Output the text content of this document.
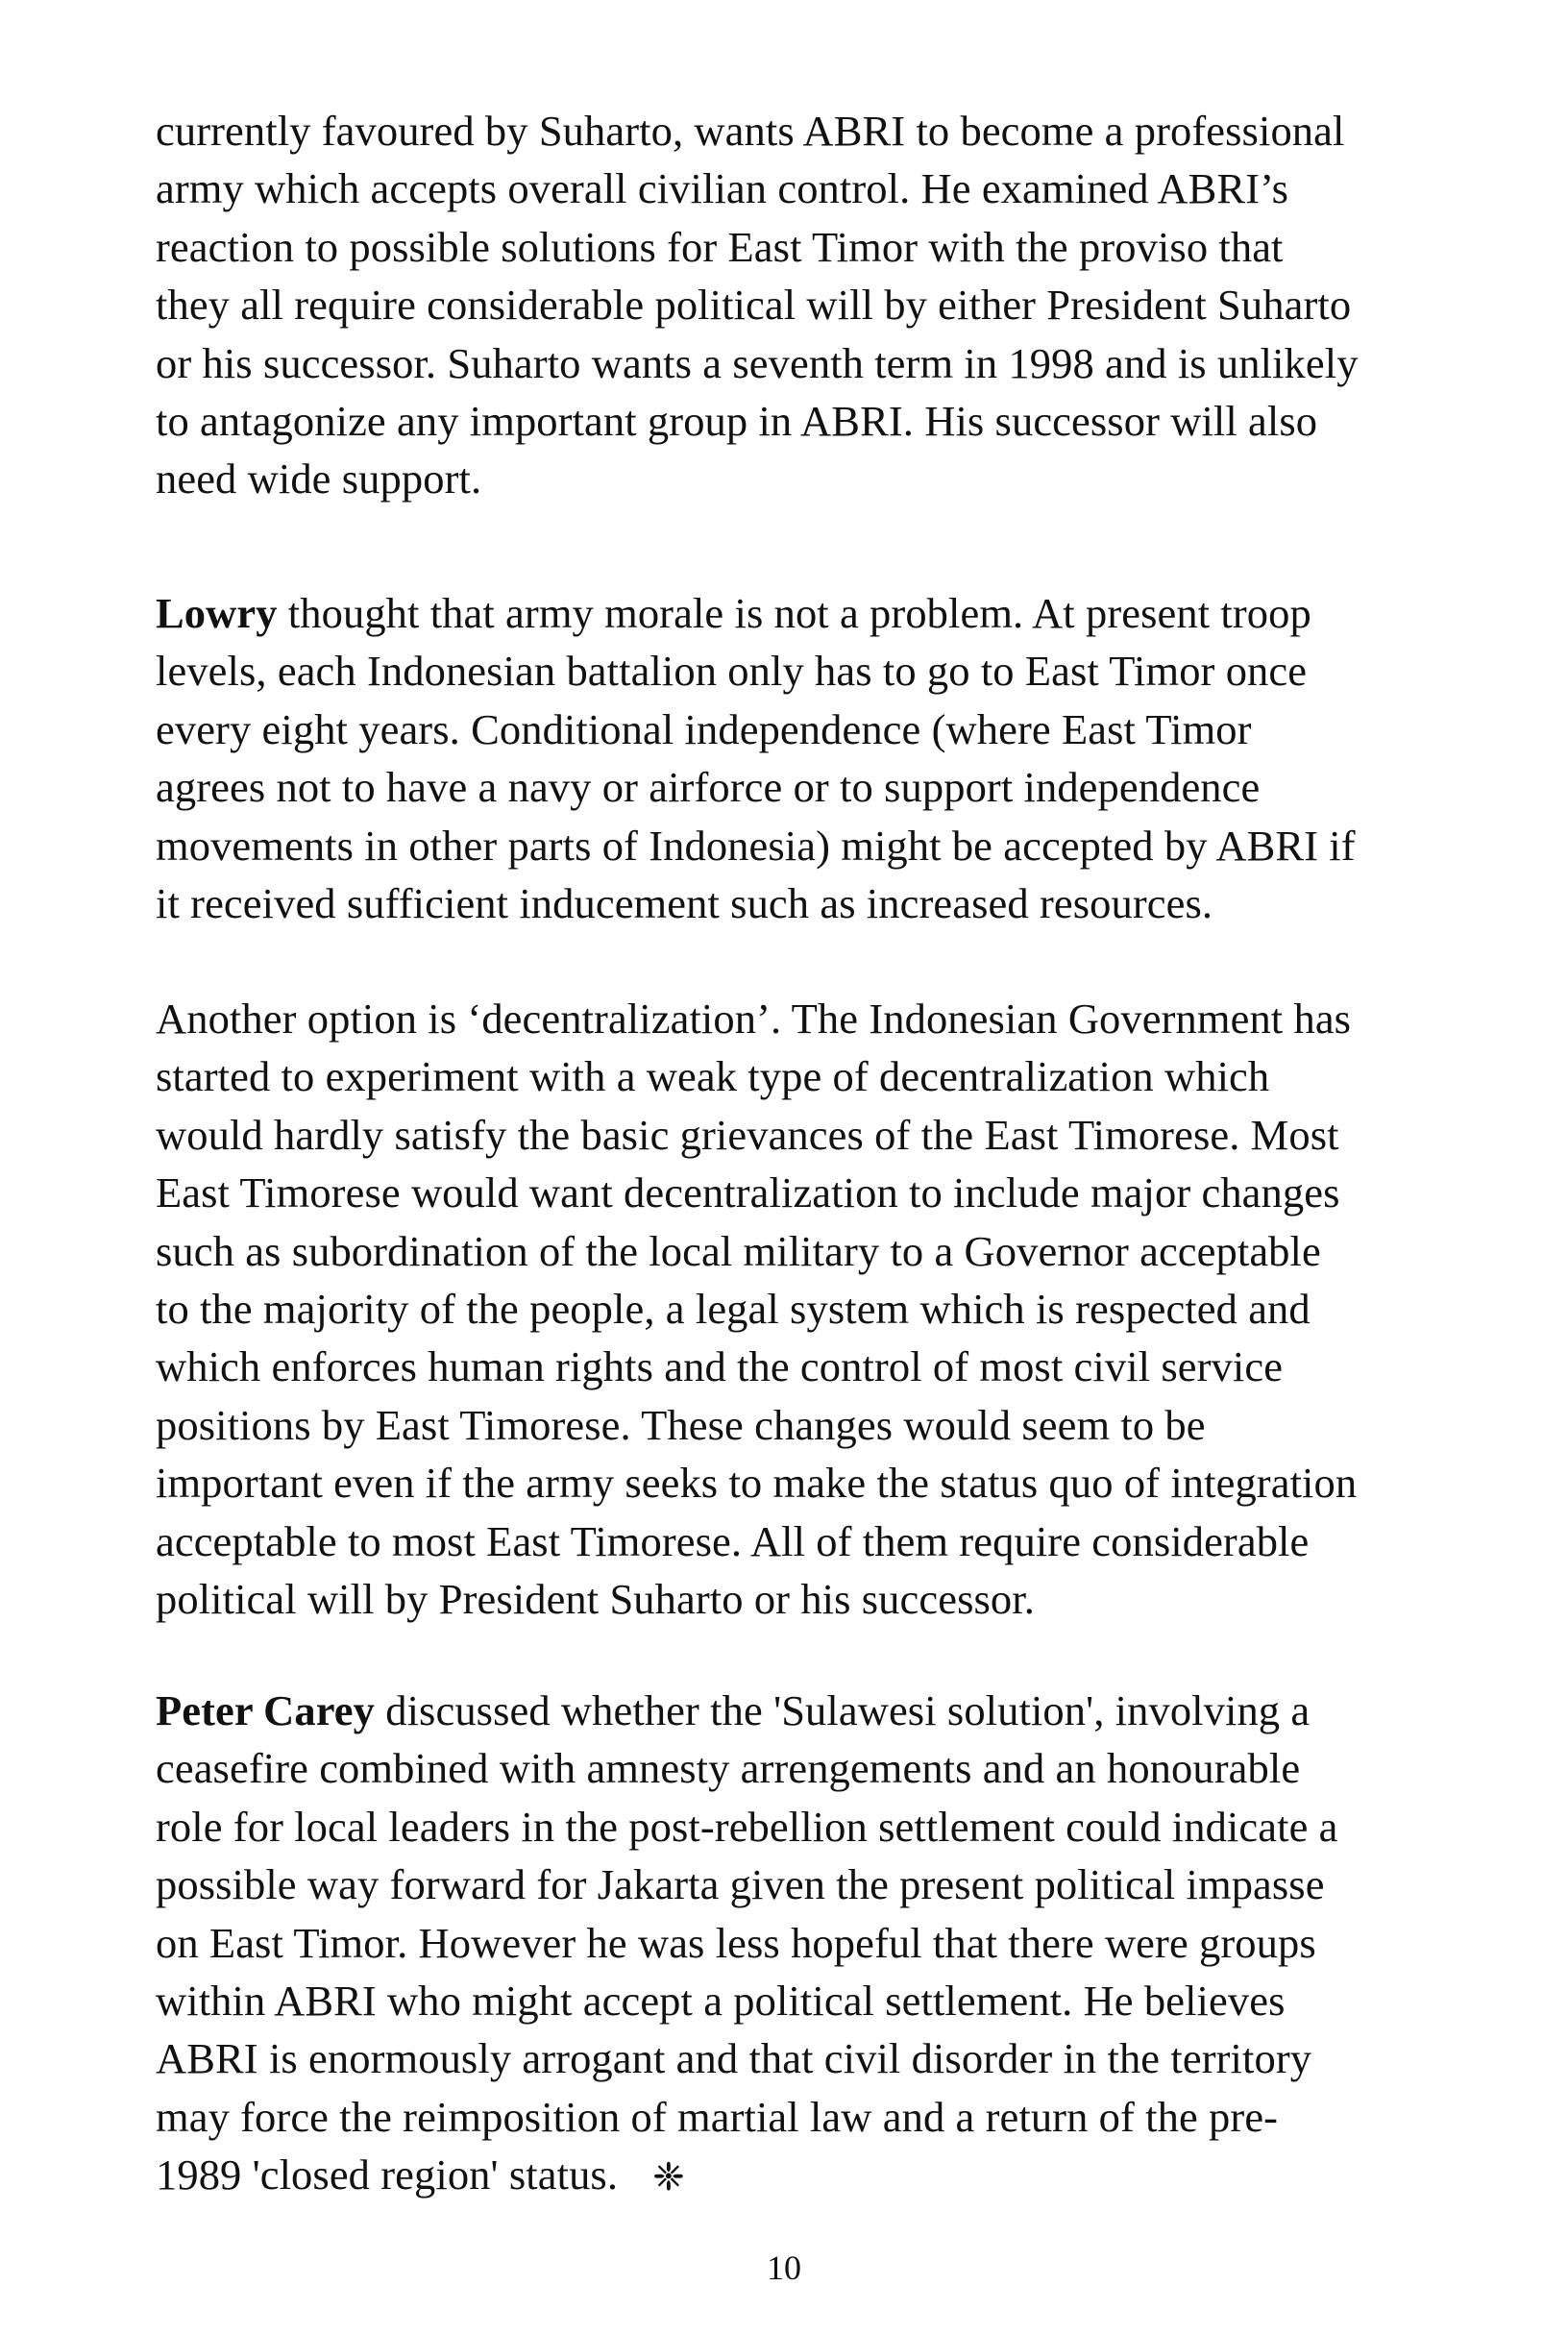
currently favoured by Suharto, wants ABRI to become a professional
army which accepts overall civilian control. He examined ABRI’s
reaction to possible solutions for East Timor with the proviso that
they all require considerable political will by either President Suharto
or his successor. Suharto wants a seventh term in 1998 and is unlikely
to antagonize any important group in ABRI. His successor will also
need wide support.

Lowry thought that army morale is not a problem. At present troop
levels, each Indonesian battalion only has to go to East Timor once
every eight years. Conditional independence (where East Timor
agrees not to have a navy or airforce or to support independence
movements in other parts of Indonesia) might be accepted by ABRI if
it received sufficient inducement such as increased resources.

Another option is ‘decentralization’. The Indonesian Government has
started to experiment with a weak type of decentralization which
would hardly satisfy the basic grievances of the East Timorese. Most
East Timorese would want decentralization to include major changes
such as subordination of the local military to a Governor acceptable
to the majority of the people, a legal system which is respected and
which enforces human rights and the control of most civil service
positions by East Timorese. These changes would seem to be
important even if the army seeks to make the status quo of integration
acceptable to most East Timorese. All of them require considerable
political will by President Suharto or his successor.

Peter Carey discussed whether the 'Sulawesi solution', involving a
ceasefire combined with amnesty arrengements and an honourable
role for local leaders in the post-rebellion settlement could indicate a
possible way forward for Jakarta given the present political impasse
on East Timor. However he was less hopeful that there were groups
within ABRI who might accept a political settlement. He believes
ABRI is enormously arrogant and that civil disorder in the territory
may force the reimposition of martial law and a return of the pre-
1989 'closed region' status. ❈

10
